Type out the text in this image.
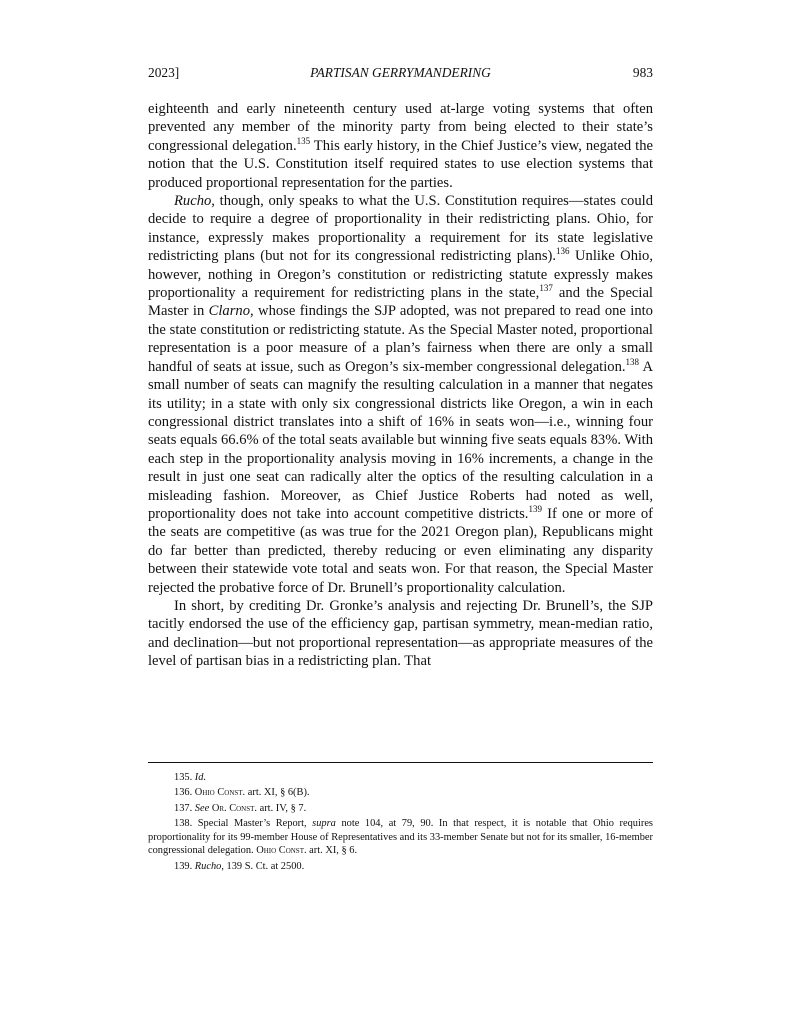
2023]	PARTISAN GERRYMANDERING	983

eighteenth and early nineteenth century used at-large voting systems that often prevented any member of the minority party from being elected to their state’s congressional delegation.$^{135}$ This early history, in the Chief Justice’s view, negated the notion that the U.S. Constitution itself required states to use election systems that produced proportional representation for the parties.

Rucho, though, only speaks to what the U.S. Constitution requires—states could decide to require a degree of proportionality in their redistricting plans. Ohio, for instance, expressly makes proportionality a requirement for its state legislative redistricting plans (but not for its congressional redistricting plans).$^{136}$ Unlike Ohio, however, nothing in Oregon’s constitution or redistricting statute expressly makes proportionality a requirement for redistricting plans in the state,$^{137}$ and the Special Master in Clarno, whose findings the SJP adopted, was not prepared to read one into the state constitution or redistricting statute. As the Special Master noted, proportional representation is a poor measure of a plan’s fairness when there are only a small handful of seats at issue, such as Oregon’s six-member congressional delegation.$^{138}$ A small number of seats can magnify the resulting calculation in a manner that negates its utility; in a state with only six congressional districts like Oregon, a win in each congressional district translates into a shift of 16% in seats won—i.e., winning four seats equals 66.6% of the total seats available but winning five seats equals 83%. With each step in the proportionality analysis moving in 16% increments, a change in the result in just one seat can radically alter the optics of the resulting calculation in a misleading fashion. Moreover, as Chief Justice Roberts had noted as well, proportionality does not take into account competitive districts.$^{139}$ If one or more of the seats are competitive (as was true for the 2021 Oregon plan), Republicans might do far better than predicted, thereby reducing or even eliminating any disparity between their statewide vote total and seats won. For that reason, the Special Master rejected the probative force of Dr. Brunell’s proportionality calculation.

In short, by crediting Dr. Gronke’s analysis and rejecting Dr. Brunell’s, the SJP tacitly endorsed the use of the efficiency gap, partisan symmetry, mean-median ratio, and declination—but not proportional representation—as appropriate measures of the level of partisan bias in a redistricting plan. That

135. Id.

136. Ohio Const. art. XI, § 6(B).

137. See Or. Const. art. IV, § 7.

138. Special Master’s Report, supra note 104, at 79, 90. In that respect, it is notable that Ohio requires proportionality for its 99-member House of Representatives and its 33-member Senate but not for its smaller, 16-member congressional delegation. Ohio Const. art. XI, § 6.

139. Rucho, 139 S. Ct. at 2500.
